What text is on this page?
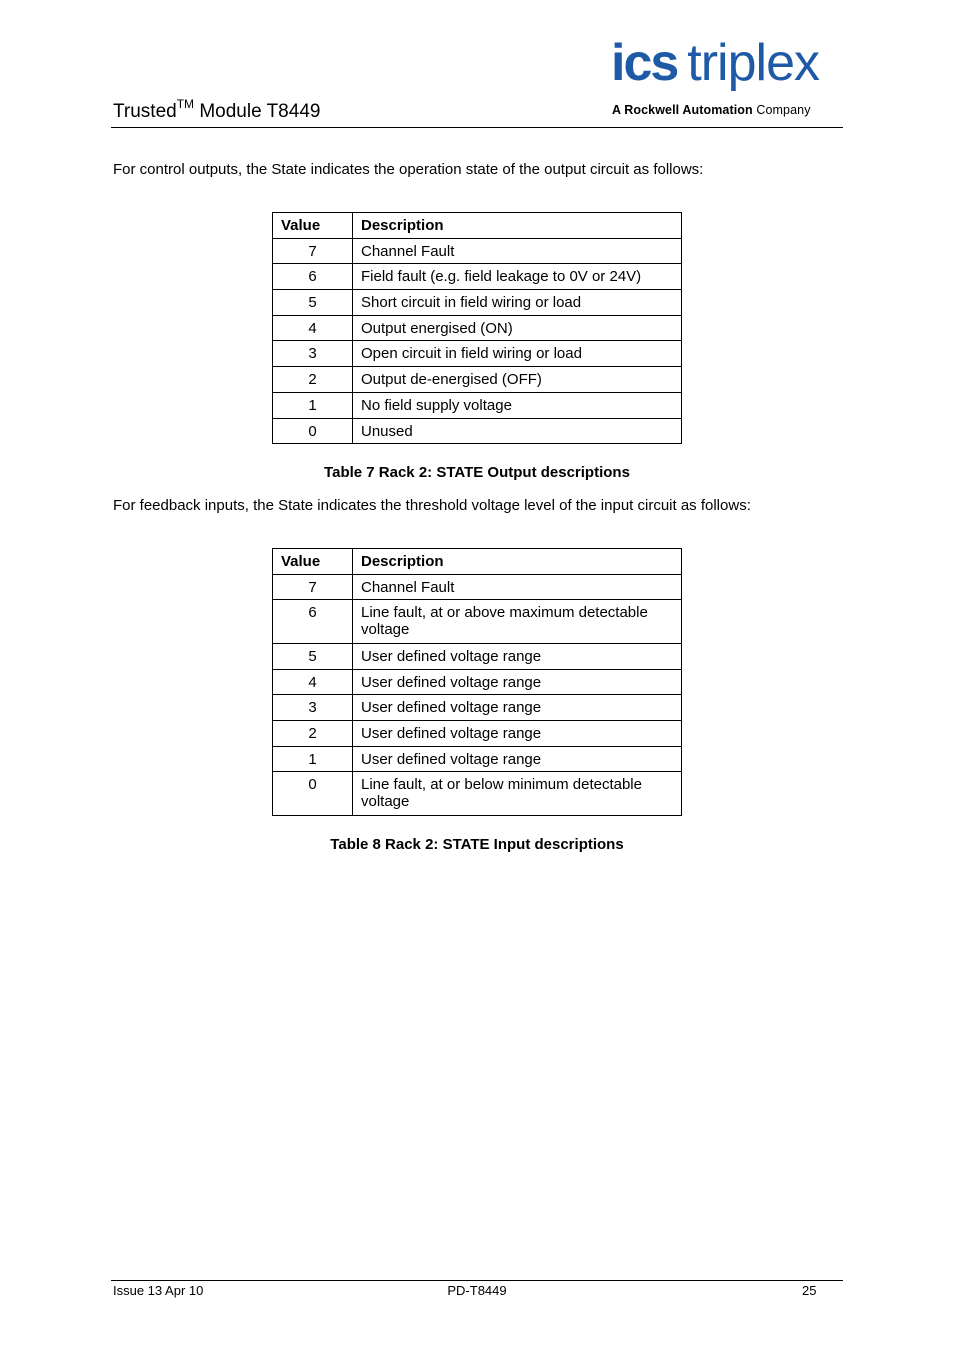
Trusted™ Module T8449
ics triplex
A Rockwell Automation Company
For control outputs, the State indicates the operation state of the output circuit as follows:
Value	Description
7	Channel Fault
6	Field fault (e.g. field leakage to 0V or 24V)
5	Short circuit in field wiring or load
4	Output energised (ON)
3	Open circuit in field wiring or load
2	Output de-energised (OFF)
1	No field supply voltage
0	Unused
Table 7 Rack 2: STATE Output descriptions
For feedback inputs, the State indicates the threshold voltage level of the input circuit as follows:
Value	Description
7	Channel Fault
6	Line fault, at or above maximum detectable voltage
5	User defined voltage range
4	User defined voltage range
3	User defined voltage range
2	User defined voltage range
1	User defined voltage range
0	Line fault, at or below minimum detectable voltage
Table 8 Rack 2: STATE Input descriptions
Issue 13 Apr 10	PD-T8449	25
